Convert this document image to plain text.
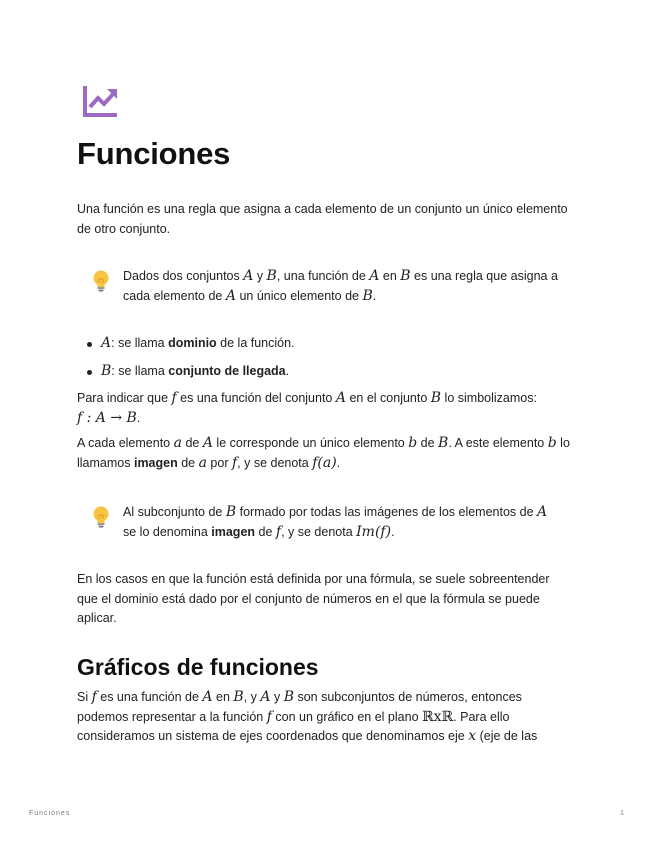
Funciones
Una función es una regla que asigna a cada elemento de un conjunto un único elemento de otro conjunto.
Dados dos conjuntos A y B, una función de A en B es una regla que asigna a cada elemento de A un único elemento de B.
A: se llama dominio de la función.
B: se llama conjunto de llegada.
Para indicar que f es una función del conjunto A en el conjunto B lo simbolizamos:
f : A → B.
A cada elemento a de A le corresponde un único elemento b de B. A este elemento b lo llamamos imagen de a por f, y se denota f(a).
Al subconjunto de B formado por todas las imágenes de los elementos de A se lo denomina imagen de f, y se denota Im(f).
En los casos en que la función está definida por una fórmula, se suele sobreentender que el dominio está dado por el conjunto de números en el que la fórmula se puede aplicar.
Gráficos de funciones
Si f es una función de A en B, y A y B son subconjuntos de números, entonces podemos representar a la función f con un gráfico en el plano ℝxℝ. Para ello consideramos un sistema de ejes coordenados que denominamos eje x (eje de las
Funciones	1
